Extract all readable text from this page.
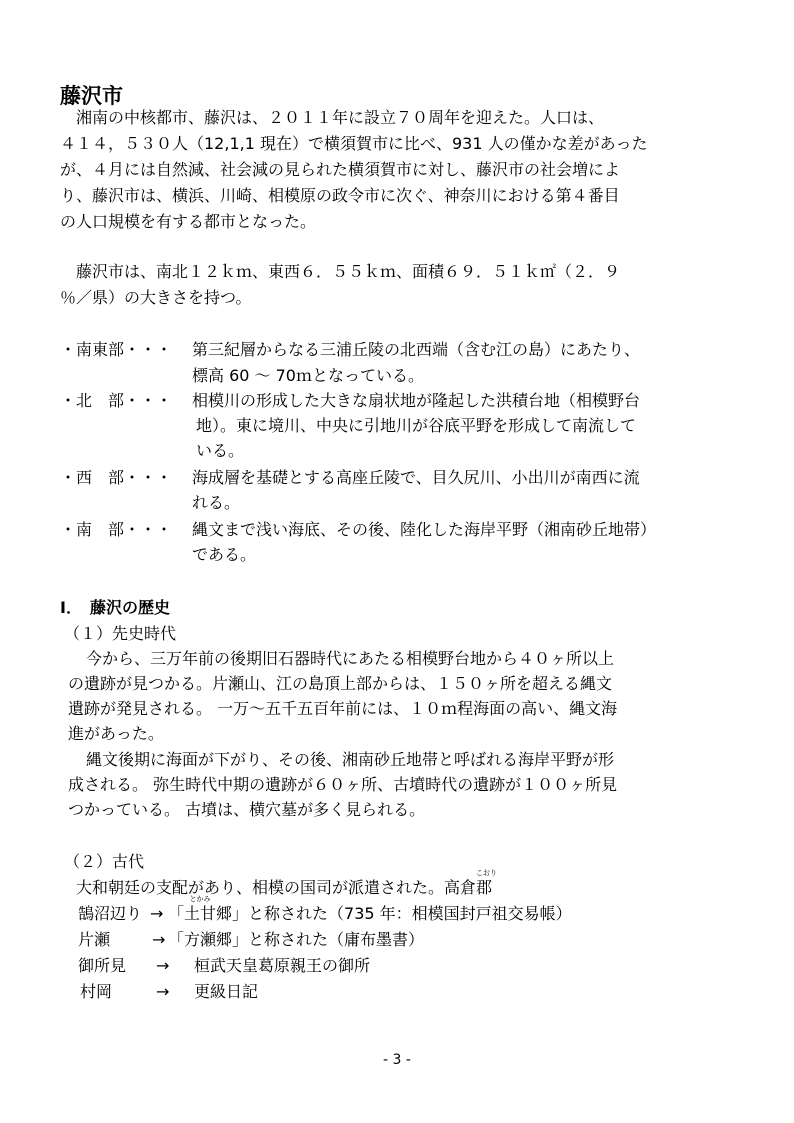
藤沢市
　湘南の中核都市、藤沢は、２０１１年に設立７０周年を迎えた。人口は、
４１４，５３０人（12,1,1 現在）で横須賀市に比べ、931 人の僅かな差があった
が、４月には自然減、社会減の見られた横須賀市に対し、藤沢市の社会増によ
り、藤沢市は、横浜、川崎、相模原の政令市に次ぐ、神奈川における第４番目
の人口規模を有する都市となった。
藤沢市は、南北１２ｋｍ、東西６．５５ｋｍ、面積６９．５１ｋ㎡（２．９
％／県）の大きさを持つ。
・南東部・・・ 第三紀層からなる三浦丘陵の北西端（含む江の島）にあたり、
標高 60 ～ 70ｍとなっている。
・北　部・・・ 相模川の形成した大きな扇状地が隆起した洪積台地（相模野台
地）。東に境川、中央に引地川が谷底平野を形成して南流して
いる。
・西　部・・・ 海成層を基礎とする高座丘陵で、目久尻川、小出川が南西に流
れる。
・南　部・・・ 縄文まで浅い海底、その後、陸化した海岸平野（湘南砂丘地帯）
である。
Ⅰ．　藤沢の歴史
（１）先史時代
今から、三万年前の後期旧石器時代にあたる相模野台地から４０ヶ所以上
の遺跡が見つかる。片瀬山、江の島頂上部からは、１５０ヶ所を超える縄文
遺跡が発見される。 一万～五千五百年前には、１０ｍ程海面の高い、縄文海
進があった。
縄文後期に海面が下がり、その後、湘南砂丘地帯と呼ばれる海岸平野が形
成される。 弥生時代中期の遺跡が６０ヶ所、古墳時代の遺跡が１００ヶ所見
つかっている。 古墳は、横穴墓が多く見られる。
（２）古代
大和朝廷の支配があり、相模の国司が派遣された。高倉
こおり
郡
鵠沼辺り → 「
とかみ
土甘郷」と称された（735 年：相模国封戸祖交易帳）
片瀬	→ 「方瀬郷」と称された（庸布墨書）
御所見 → 桓武天皇葛原親王の御所
村岡	→ 更級日記
- 3 -
